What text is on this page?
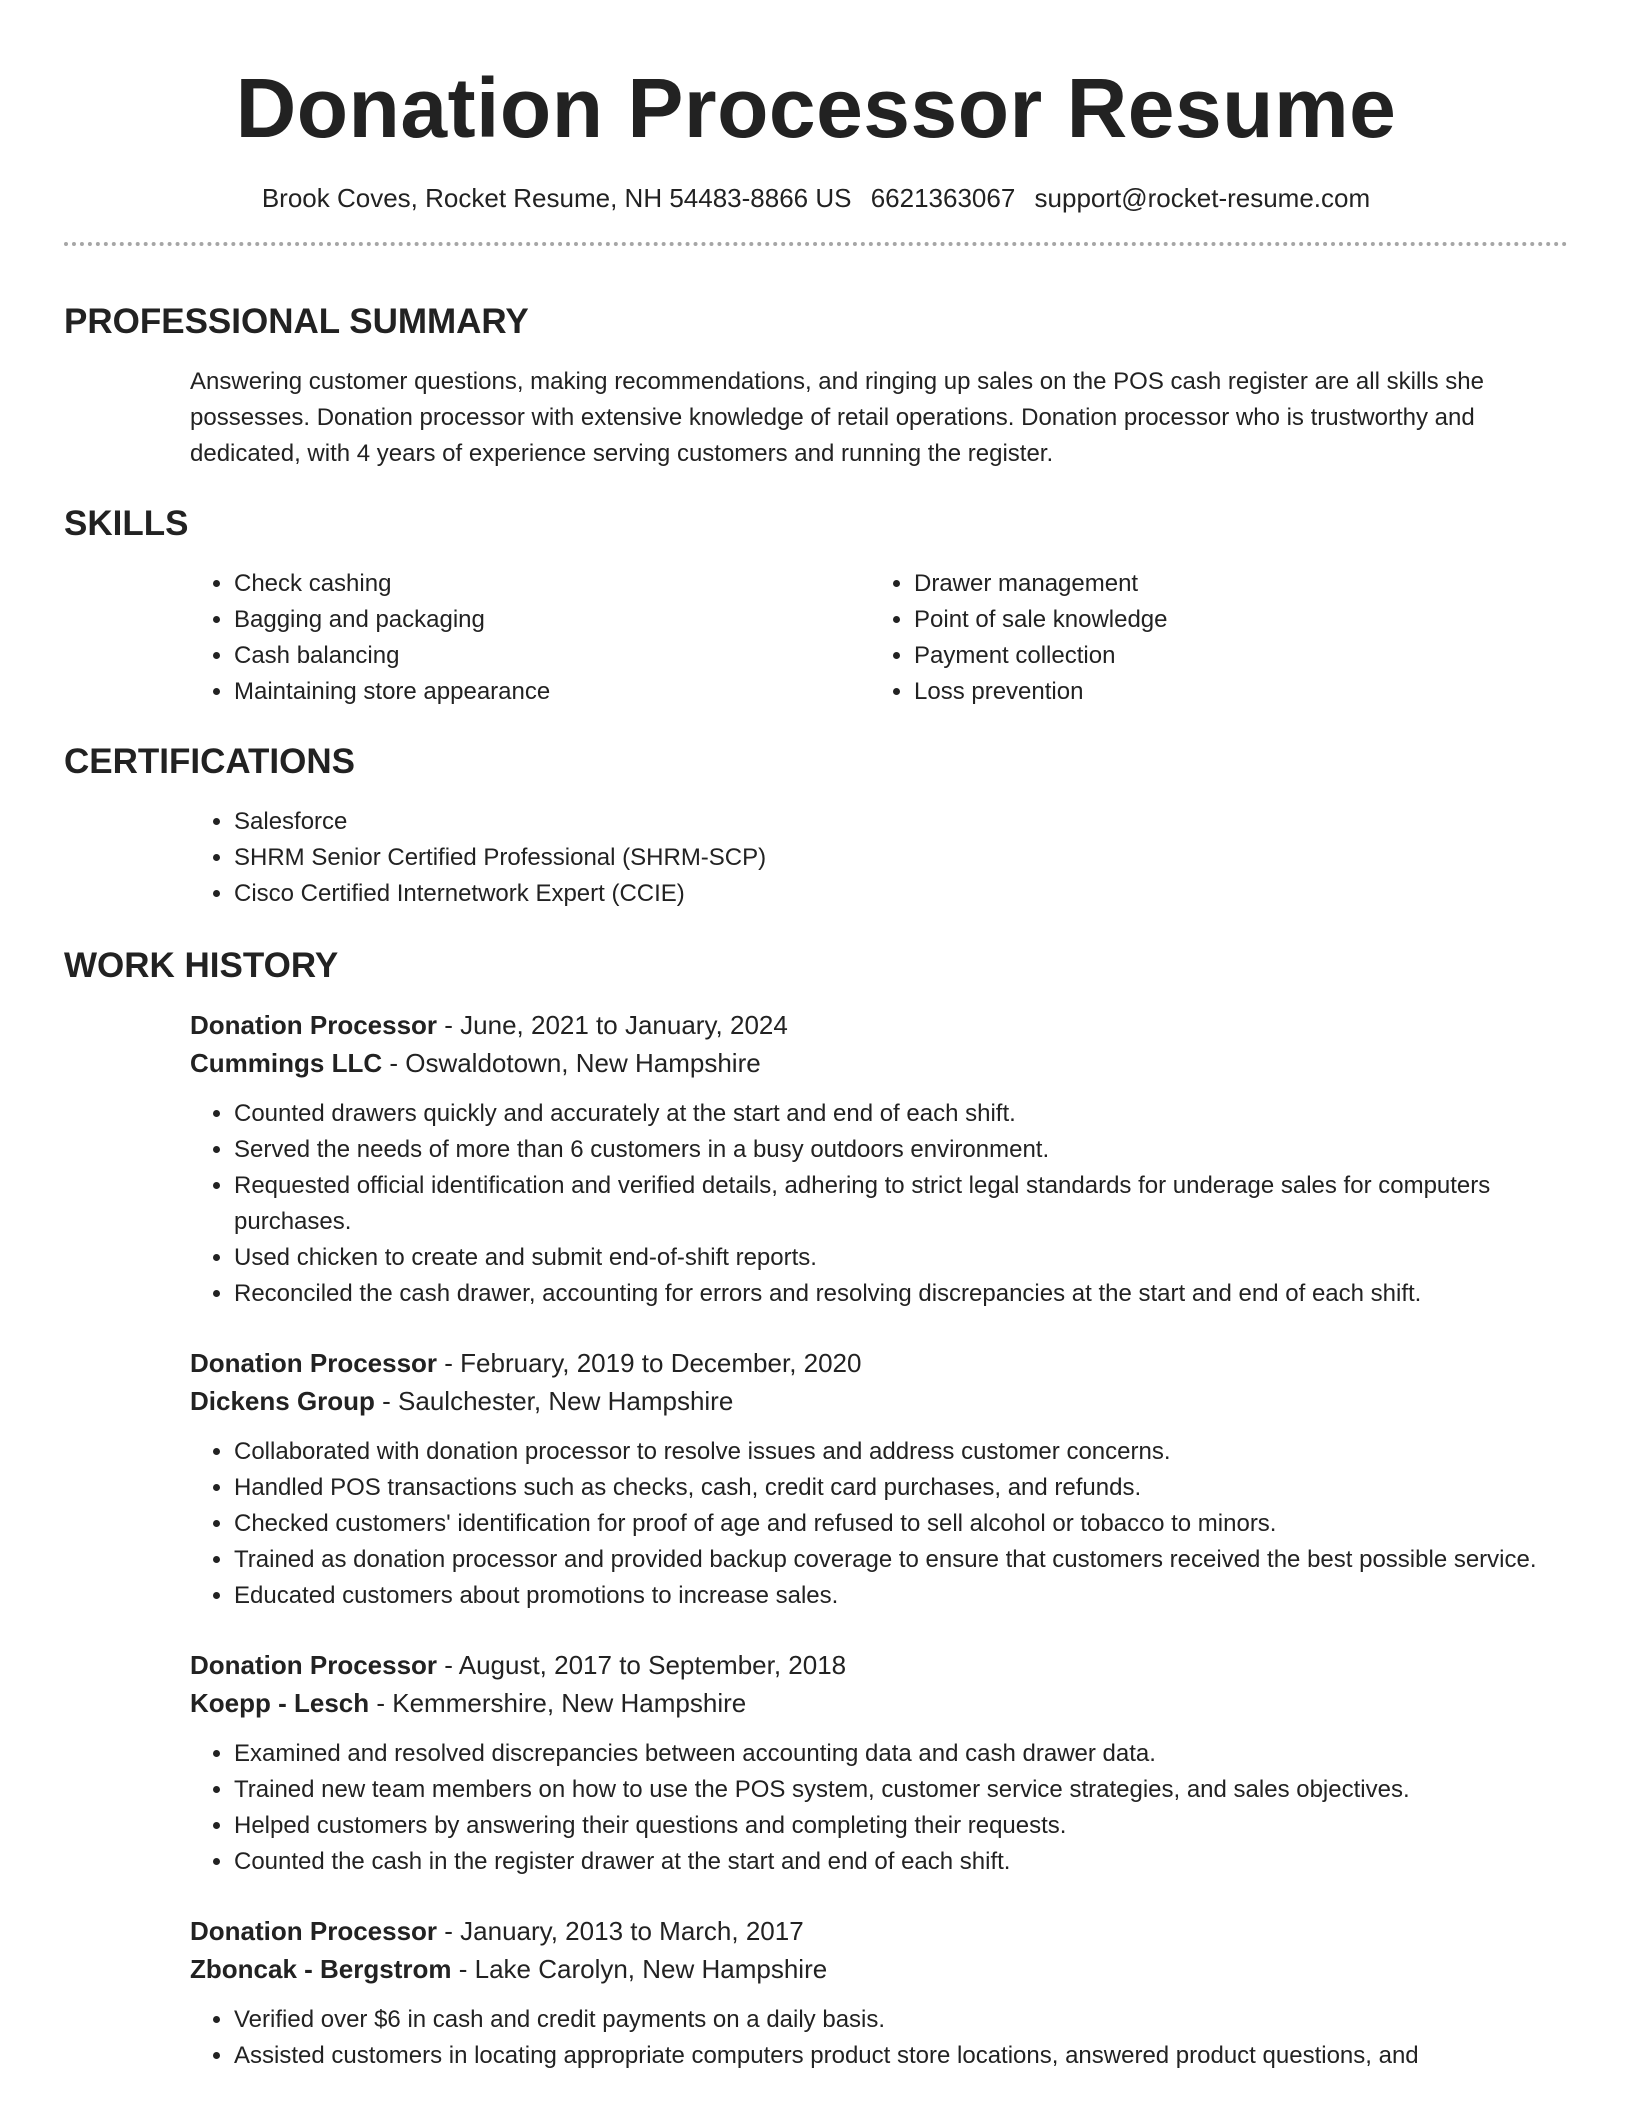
Donation Processor Resume
Brook Coves, Rocket Resume, NH 54483-8866 US 6621363067 support@rocket-resume.com
PROFESSIONAL SUMMARY
Answering customer questions, making recommendations, and ringing up sales on the POS cash register are all skills she possesses. Donation processor with extensive knowledge of retail operations. Donation processor who is trustworthy and dedicated, with 4 years of experience serving customers and running the register.
SKILLS
• Check cashing
• Bagging and packaging
• Cash balancing
• Maintaining store appearance
• Drawer management
• Point of sale knowledge
• Payment collection
• Loss prevention
CERTIFICATIONS
• Salesforce
• SHRM Senior Certified Professional (SHRM-SCP)
• Cisco Certified Internetwork Expert (CCIE)
WORK HISTORY
Donation Processor - June, 2021 to January, 2024
Cummings LLC - Oswaldotown, New Hampshire
• Counted drawers quickly and accurately at the start and end of each shift.
• Served the needs of more than 6 customers in a busy outdoors environment.
• Requested official identification and verified details, adhering to strict legal standards for underage sales for computers purchases.
• Used chicken to create and submit end-of-shift reports.
• Reconciled the cash drawer, accounting for errors and resolving discrepancies at the start and end of each shift.
Donation Processor - February, 2019 to December, 2020
Dickens Group - Saulchester, New Hampshire
• Collaborated with donation processor to resolve issues and address customer concerns.
• Handled POS transactions such as checks, cash, credit card purchases, and refunds.
• Checked customers' identification for proof of age and refused to sell alcohol or tobacco to minors.
• Trained as donation processor and provided backup coverage to ensure that customers received the best possible service.
• Educated customers about promotions to increase sales.
Donation Processor - August, 2017 to September, 2018
Koepp - Lesch - Kemmershire, New Hampshire
• Examined and resolved discrepancies between accounting data and cash drawer data.
• Trained new team members on how to use the POS system, customer service strategies, and sales objectives.
• Helped customers by answering their questions and completing their requests.
• Counted the cash in the register drawer at the start and end of each shift.
Donation Processor - January, 2013 to March, 2017
Zboncak - Bergstrom - Lake Carolyn, New Hampshire
• Verified over $6 in cash and credit payments on a daily basis.
• Assisted customers in locating appropriate computers product store locations, answered product questions, and
